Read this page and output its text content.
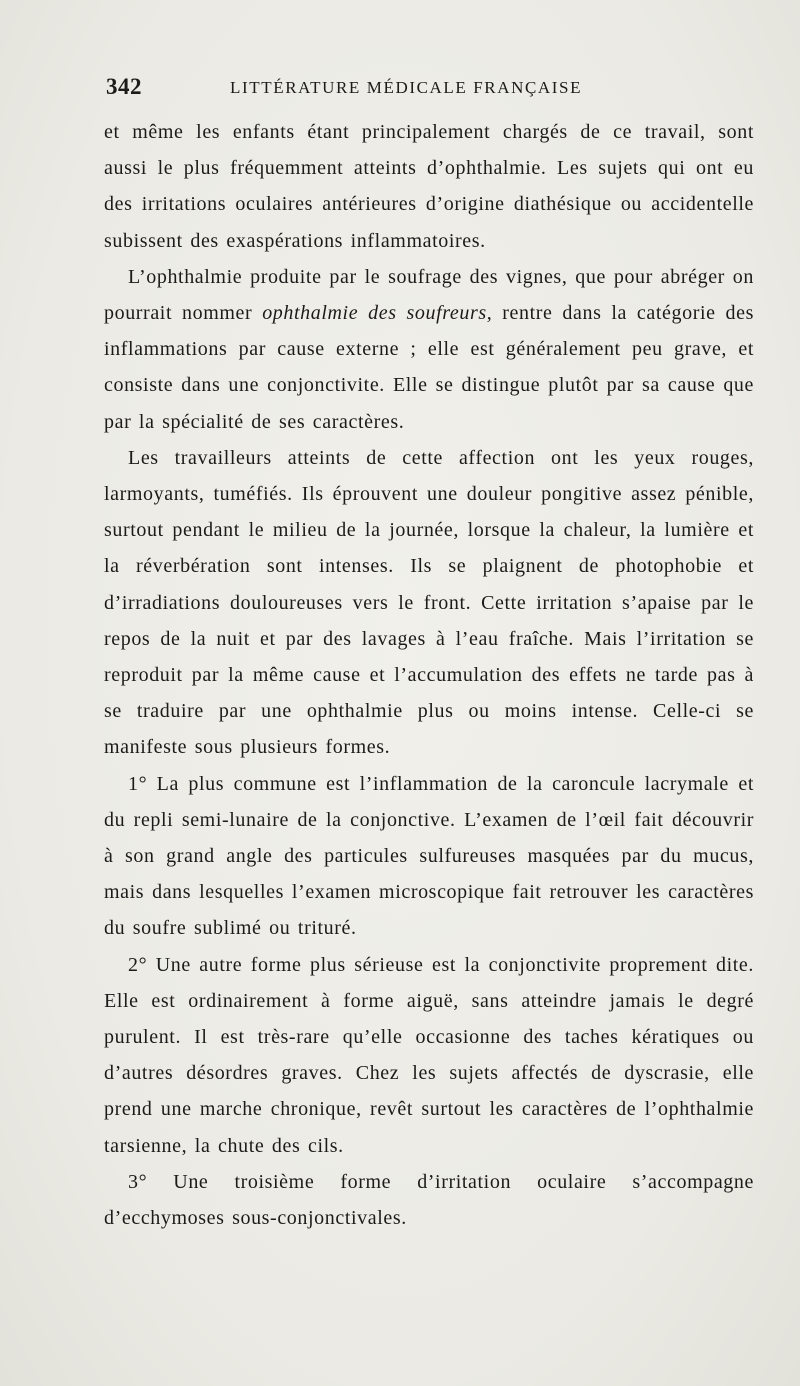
342	LITTÉRATURE MÉDICALE FRANÇAISE

et même les enfants étant principalement chargés de ce travail, sont aussi le plus fréquemment atteints d’ophthalmie. Les sujets qui ont eu des irritations oculaires antérieures d’origine diathésique ou accidentelle subissent des exaspérations inflammatoires.

L’ophthalmie produite par le soufrage des vignes, que pour abréger on pourrait nommer ophthalmie des soufreurs, rentre dans la catégorie des inflammations par cause externe ; elle est généralement peu grave, et consiste dans une conjonctivite. Elle se distingue plutôt par sa cause que par la spécialité de ses caractères.

Les travailleurs atteints de cette affection ont les yeux rouges, larmoyants, tuméfiés. Ils éprouvent une douleur pongitive assez pénible, surtout pendant le milieu de la journée, lorsque la chaleur, la lumière et la réverbération sont intenses. Ils se plaignent de photophobie et d’irradiations douloureuses vers le front. Cette irritation s’apaise par le repos de la nuit et par des lavages à l’eau fraîche. Mais l’irritation se reproduit par la même cause et l’accumulation des effets ne tarde pas à se traduire par une ophthalmie plus ou moins intense. Celle-ci se manifeste sous plusieurs formes.

1° La plus commune est l’inflammation de la caroncule lacrymale et du repli semi-lunaire de la conjonctive. L’examen de l’œil fait découvrir à son grand angle des particules sulfureuses masquées par du mucus, mais dans lesquelles l’examen microscopique fait retrouver les caractères du soufre sublimé ou trituré.

2° Une autre forme plus sérieuse est la conjonctivite proprement dite. Elle est ordinairement à forme aiguë, sans atteindre jamais le degré purulent. Il est très-rare qu’elle occasionne des taches kératiques ou d’autres désordres graves. Chez les sujets affectés de dyscrasie, elle prend une marche chronique, revêt surtout les caractères de l’ophthalmie tarsienne, la chute des cils.

3° Une troisième forme d’irritation oculaire s’accompagne d’ecchymoses sous-conjonctivales.
